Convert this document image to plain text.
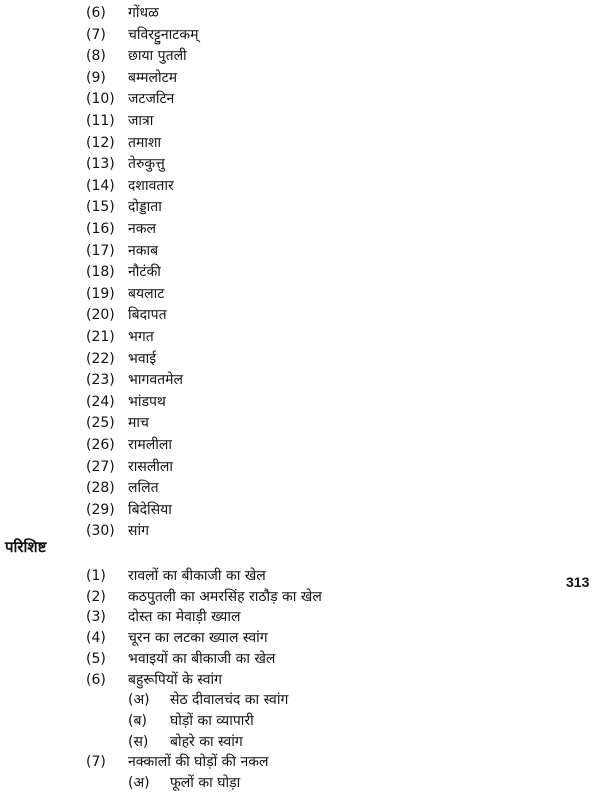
(6) गोंधळ
(7) चविरट्टुनाटकम्
(8) छाया पुतली
(9) बम्मलोटम
(10) जटजटिन
(11) जात्रा
(12) तमाशा
(13) तेरुकुत्तु
(14) दशावतार
(15) दोड्डाता
(16) नकल
(17) नकाब
(18) नौटंकी
(19) बयलाट
(20) बिदापत
(21) भगत
(22) भवाई
(23) भागवतमेल
(24) भांडपथ
(25) माच
(26) रामलीला
(27) रासलीला
(28) ललित
(29) बिदेसिया
(30) सांग
परिशिष्ट
313
(1) रावलों का बीकाजी का खेल
(2) कठपुतली का अमरसिंह राठौड़ का खेल
(3) दोस्त का मेवाड़ी ख्याल
(4) चूरन का लटका ख्याल स्वांग
(5) भवाइयों का बीकाजी का खेल
(6) बहुरूपियों के स्वांग
(अ) सेठ दीवालचंद का स्वांग
(ब) घोड़ों का व्यापारी
(स) बोहरे का स्वांग
(7) नक्कालों की घोड़ों की नकल
(अ) फूलों का घोड़ा
